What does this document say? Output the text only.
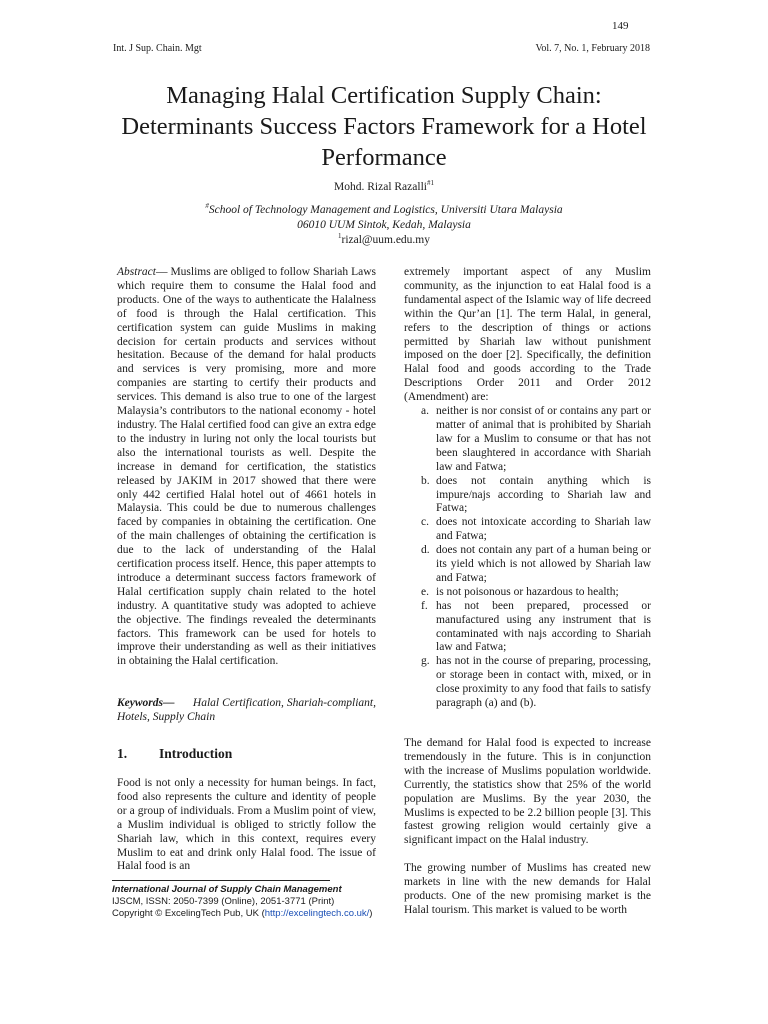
149
Int. J Sup. Chain. Mgt	Vol. 7, No. 1, February 2018
Managing Halal Certification Supply Chain: Determinants Success Factors Framework for a Hotel Performance
Mohd. Rizal Razalli$^{\#1}$
#School of Technology Management and Logistics, Universiti Utara Malaysia
06010 UUM Sintok, Kedah, Malaysia
$^1$rizal@uum.edu.my

Abstract— Muslims are obliged to follow Shariah Laws which require them to consume the Halal food and products. One of the ways to authenticate the Halalness of food is through the Halal certification. This certification system can guide Muslims in making decision for certain products and services without hesitation. Because of the demand for halal products and services is very promising, more and more companies are starting to certify their products and services. This demand is also true to one of the largest Malaysia’s contributors to the national economy - hotel industry. The Halal certified food can give an extra edge to the industry in luring not only the local tourists but also the international tourists as well. Despite the increase in demand for certification, the statistics released by JAKIM in 2017 showed that there were only 442 certified Halal hotel out of 4661 hotels in Malaysia. This could be due to numerous challenges faced by companies in obtaining the certification. One of the main challenges of obtaining the certification is due to the lack of understanding of the Halal certification process itself. Hence, this paper attempts to introduce a determinant success factors framework of Halal certification supply chain related to the hotel industry. A quantitative study was adopted to achieve the objective. The findings revealed the determinants factors. This framework can be used for hotels to improve their understanding as well as their initiatives in obtaining the Halal certification.

Keywords— Halal Certification, Shariah-compliant, Hotels, Supply Chain

1. Introduction

Food is not only a necessity for human beings. In fact, food also represents the culture and identity of people or a group of individuals. From a Muslim point of view, a Muslim individual is obliged to strictly follow the Shariah law, which in this context, requires every Muslim to eat and drink only Halal food. The issue of Halal food is an

extremely important aspect of any Muslim community, as the injunction to eat Halal food is a fundamental aspect of the Islamic way of life decreed within the Qur’an [1]. The term Halal, in general, refers to the description of things or actions permitted by Shariah law without punishment imposed on the doer [2]. Specifically, the definition Halal food and goods according to the Trade Descriptions Order 2011 and Order 2012 (Amendment) are:

a. neither is nor consist of or contains any part or matter of animal that is prohibited by Shariah law for a Muslim to consume or that has not been slaughtered in accordance with Shariah law and Fatwa;
b. does not contain anything which is impure/najs according to Shariah law and Fatwa;
c. does not intoxicate according to Shariah law and Fatwa;
d. does not contain any part of a human being or its yield which is not allowed by Shariah law and Fatwa;
e. is not poisonous or hazardous to health;
f. has not been prepared, processed or manufactured using any instrument that is contaminated with najs according to Shariah law and Fatwa;
g. has not in the course of preparing, processing, or storage been in contact with, mixed, or in close proximity to any food that fails to satisfy paragraph (a) and (b).

The demand for Halal food is expected to increase tremendously in the future. This is in conjunction with the increase of Muslims population worldwide. Currently, the statistics show that 25% of the world population are Muslims. By the year 2030, the Muslims is expected to be 2.2 billion people [3]. This fastest growing religion would certainly give a significant impact on the Halal industry.

The growing number of Muslims has created new markets in line with the new demands for Halal products. One of the new promising market is the Halal tourism. This market is valued to be worth

International Journal of Supply Chain Management
IJSCM, ISSN: 2050-7399 (Online), 2051-3771 (Print)
Copyright © ExcelingTech Pub, UK (http://excelingtech.co.uk/)
